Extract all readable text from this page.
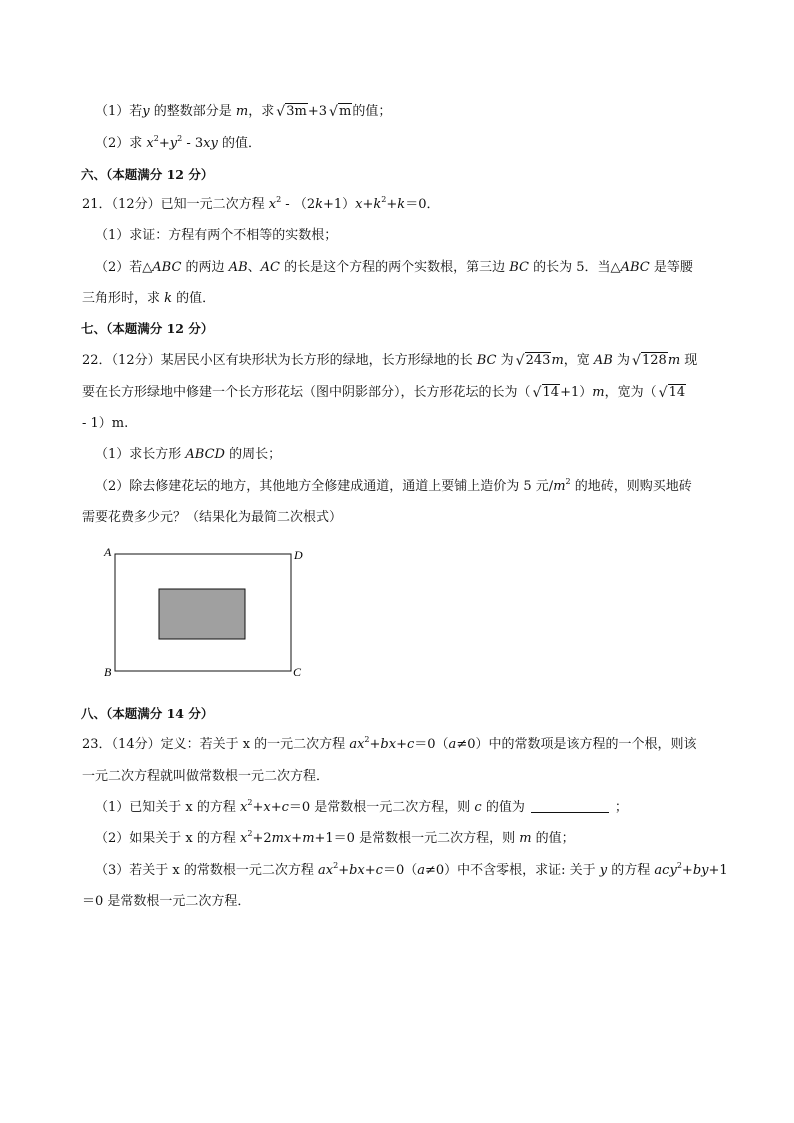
（1）若y 的整数部分是 m，求 √ 3m+3 √ m的值；
（2）求 $x^2+y^2 - 3xy$ 的值．
六、（本题满分 12 分）
21．（12分）已知一元二次方程 $x^2 - (2k+1)x+k^2+k=0$．
（1）求证：方程有两个不相等的实数根；
（2）若△ABC 的两边 AB、AC 的长是这个方程的两个实数根，第三边 BC 的长为 5．当△ABC 是等腰
三角形时，求 k 的值．
七、（本题满分 12 分）
22．（12分）某居民小区有块形状为长方形的绿地，长方形绿地的长 BC 为 √ 243m，宽 AB 为 √ 128m 现
要在长方形绿地中修建一个长方形花坛（图中阴影部分），长方形花坛的长为（ √ 14+1）m，宽为（ √ 14
- 1）m.
（1）求长方形 ABCD 的周长；
（2）除去修建花坛的地方，其他地方全修建成通道，通道上要铺上造价为 5 元$/m^2$ 的地砖，则购买地砖
需要花费多少元？（结果化为最简二次根式）
A	D
B	C
八、（本题满分 14 分）
23．（14分）定义：若关于 x 的一元二次方程 $ax^2+bx+c=0(a\ne 0)$中的常数项是该方程的一个根，则该
一元二次方程就叫做常数根一元二次方程．
（1）已知关于 x 的方程 $x^2+x+c=0$ 是常数根一元二次方程，则 c 的值为	；
（2）如果关于 x 的方程 $x^2+2mx+m+1=0$ 是常数根一元二次方程，则 m 的值；
（3）若关于 x 的常数根一元二次方程 $ax^2+bx+c=0(a\ne 0)$中不含零根，求证: 关于 y 的方程 acy$^2$+by+1
＝0 是常数根一元二次方程．
